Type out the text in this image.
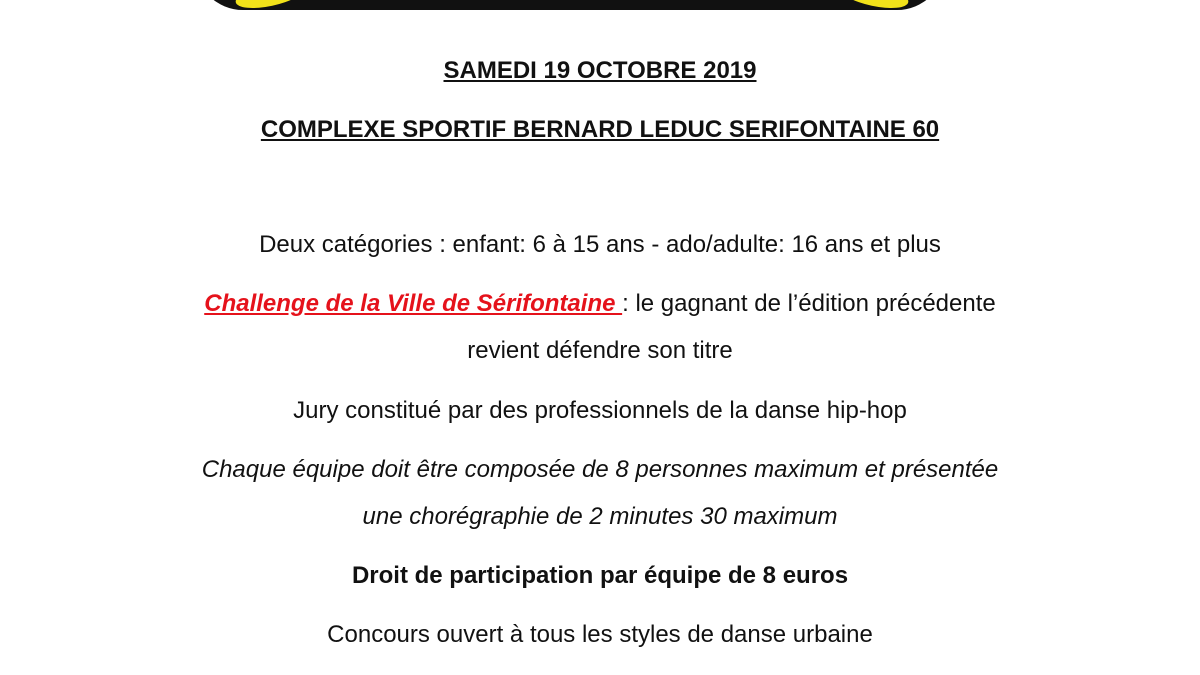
SAMEDI 19 OCTOBRE 2019
COMPLEXE SPORTIF BERNARD LEDUC SERIFONTAINE 60
Deux catégories : enfant: 6 à 15 ans - ado/adulte: 16 ans et plus
Challenge de la Ville de Sérifontaine : le gagnant de l’édition précédente
revient défendre son titre
Jury constitué par des professionnels de la danse hip-hop
Chaque équipe doit être composée de 8 personnes maximum et présentée
une chorégraphie de 2 minutes 30 maximum
Droit de participation par équipe de 8 euros
Concours ouvert à tous les styles de danse urbaine
